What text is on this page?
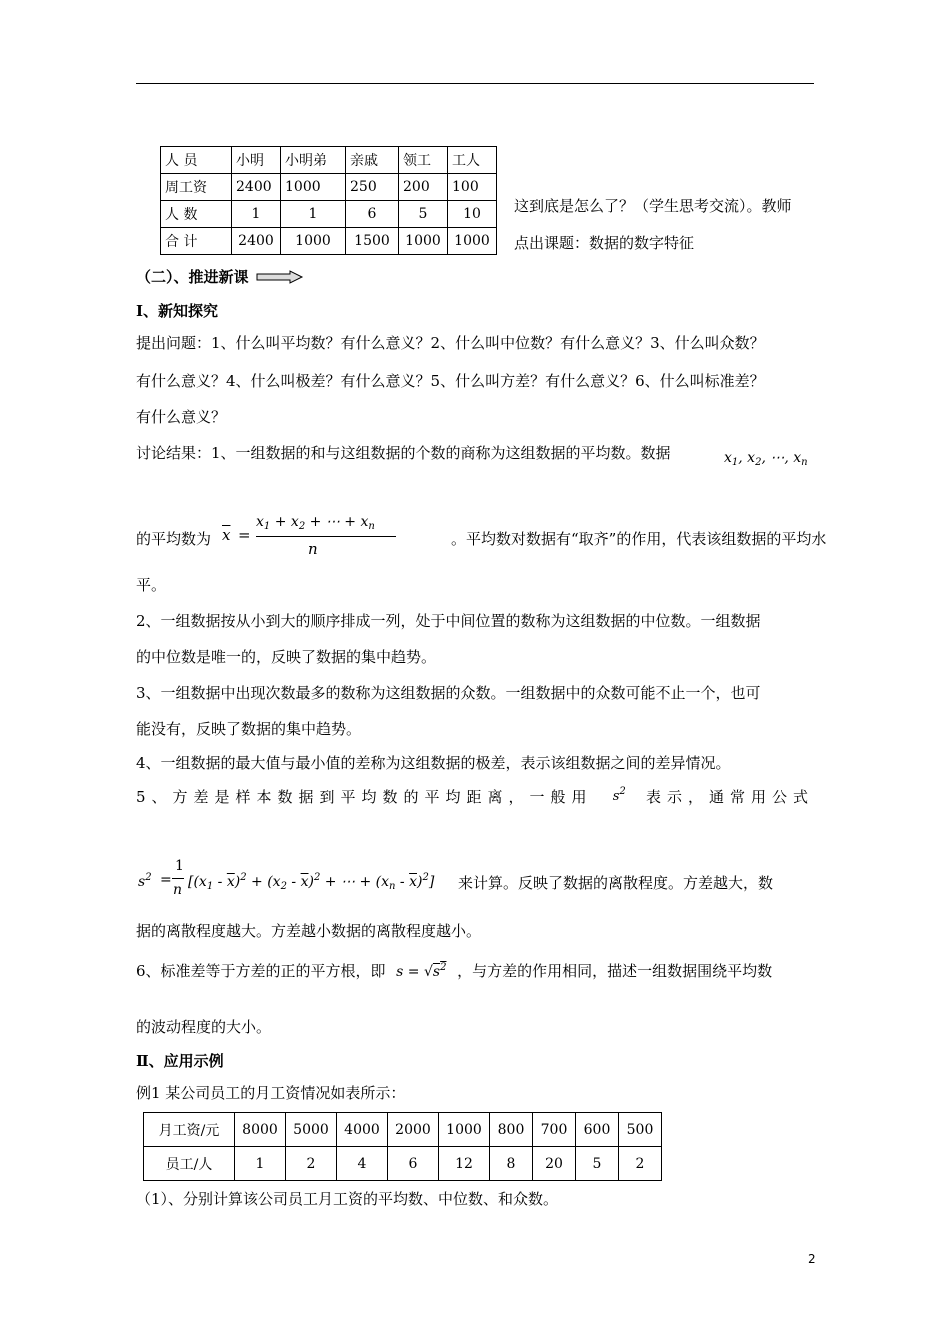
人 员	小明	小明弟	亲戚	领工	工人
周工资	2400	1000	250	200	100
人 数	1	1	6	5	10
合 计	2400	1000	1500	1000	1000
这到底是怎么了？（学生思考交流）。教师
点出课题：数据的数字特征
（二）、推进新课
Ⅰ、新知探究
提出问题：1、什么叫平均数？有什么意义？2、什么叫中位数？有什么意义？3、什么叫众数？
有什么意义？4、什么叫极差？有什么意义？5、什么叫方差？有什么意义？6、什么叫标准差？
有什么意义？
讨论结果：1、一组数据的和与这组数据的个数的商称为这组数据的平均数。数据	$x_1$, $x_2$, ⋯, $x_n$
的平均数为	。平均数对数据有“取齐”的作用，代表该组数据的平均水
$\overline{x}$ =
$x_1 + x_2$ + ⋯ + $x_n$
n
平。
2、一组数据按从小到大的顺序排成一列，处于中间位置的数称为这组数据的中位数。一组数据
的中位数是唯一的，反映了数据的集中趋势。
3、一组数据中出现次数最多的数称为这组数据的众数。一组数据中的众数可能不止一个，也可
能没有，反映了数据的集中趋势。
4、一组数据的最大值与最小值的差称为这组数据的极差，表示该组数据之间的差异情况。
5、方差是样本数据到平均数的平均距离，一般用 $s^2$ 表示，通常用公式
来计算。反映了数据的离散程度。方差越大，数
$s^2$ =
1
n [$(x_1 - \overline{x})^2 + (x_2 - \overline{x})^2$ + ⋯ + $(x_n - \overline{x})^2$]
据的离散程度越大。方差越小数据的离散程度越小。
6、标准差等于方差的正的平方根，即 $s = √s^2$ ，与方差的作用相同，描述一组数据围绕平均数
的波动程度的大小。
Ⅱ、应用示例
例1 某公司员工的月工资情况如表所示：
月工资/元	8000	5000	4000	2000	1000	800	700	600	500
员工/人	1	2	4	6	12	8	20	5	2
（1）、分别计算该公司员工月工资的平均数、中位数、和众数。
2
